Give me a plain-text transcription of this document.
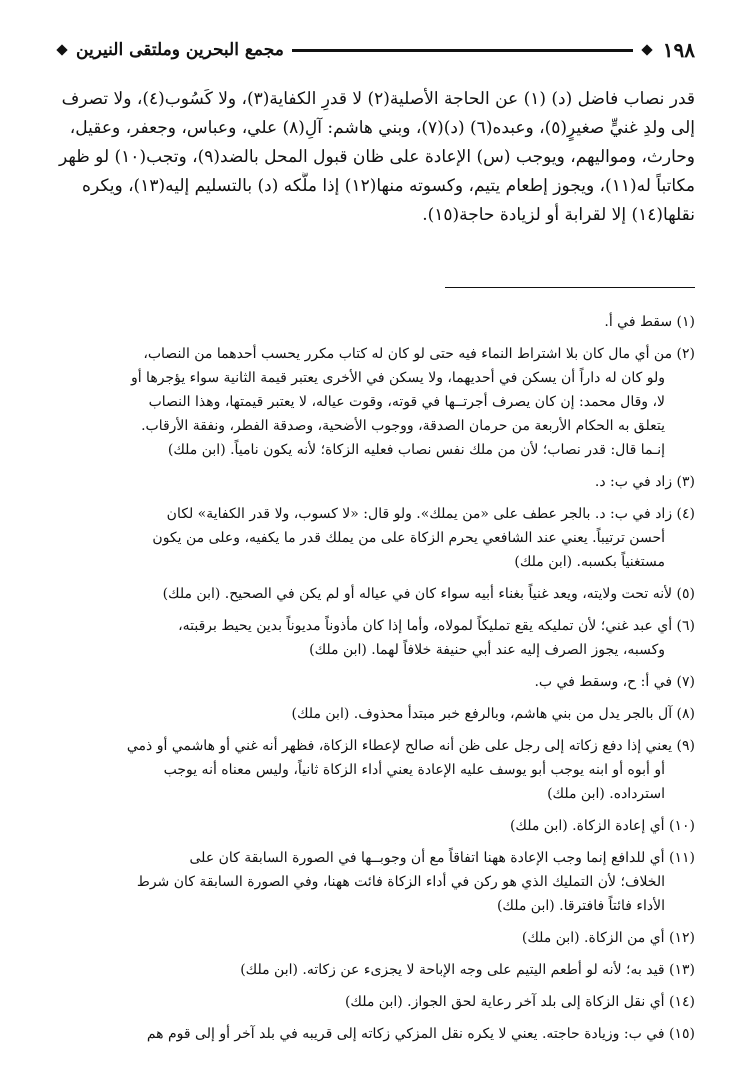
١٩٨
مجمع البحرين وملتقى النيرين
قدر نصاب فاضل (د) (١) عن الحاجة الأصلية(٢) لا قدرِ الكفاية(٣)، ولا كَسُوب(٤)، ولا تصرف
إلى ولدِ غنيٍّ صغيرٍ(٥)، وعبده(٦) (د)(٧)، وبني هاشم: آلِ(٨) علي، وعباس، وجعفر، وعقيل،
وحارث، ومواليهم، ويوجب (س) الإعادة على ظان قبول المحل بالضد(٩)، وتجب(١٠) لو ظهر
مكاتباً له(١١)، ويجوز إطعام يتيم، وكسوته منها(١٢) إذا ملَّكه (د) بالتسليم إليه(١٣)، ويكره
نقلها(١٤) إلا لقرابة أو لزيادة حاجة(١٥).
(١) سقط في أ.
(٢) من أي مال كان بلا اشتراط النماء فيه حتى لو كان له كتاب مكرر يحسب أحدهما من النصاب،
ولو كان له داراً أن يسكن في أحديهما، ولا يسكن في الأخرى يعتبر قيمة الثانية سواء يؤجرها أو
لا، وقال محمد: إن كان يصرف أجرتــها في قوته، وقوت عياله، لا يعتبر قيمتها، وهذا النصاب
يتعلق به الحكام الأربعة من حرمان الصدقة، ووجوب الأضحية، وصدقة الفطر، ونفقة الأرقاب.
إنـما قال: قدر نصاب؛ لأن من ملك نفس نصاب فعليه الزكاة؛ لأنه يكون نامياً. (ابن ملك)
(٣) زاد في ب: د.
(٤) زاد في ب: د. بالجر عطف على «من يملك». ولو قال: «لا كسوب، ولا قدر الكفاية» لكان
أحسن ترتيباً. يعني عند الشافعي يحرم الزكاة على من يملك قدر ما يكفيه، وعلى من يكون
مستغنياً بكسبه. (ابن ملك)
(٥) لأنه تحت ولايته، ويعد غنياً بغناء أبيه سواء كان في عياله أو لم يكن في الصحيح. (ابن ملك)
(٦) أي عبد غني؛ لأن تمليكه يقع تمليكاً لمولاه، وأما إذا كان مأذوناً مديوناً بدين يحيط برقبته،
وكسبه، يجوز الصرف إليه عند أبي حنيفة خلافاً لهما. (ابن ملك)
(٧) في أ: ح، وسقط في ب.
(٨) آل بالجر يدل من بني هاشم، وبالرفع خبر مبتدأ محذوف. (ابن ملك)
(٩) يعني إذا دفع زكاته إلى رجل على ظن أنه صالح لإعطاء الزكاة، فظهر أنه غني أو هاشمي أو ذمي
أو أبوه أو ابنه يوجب أبو يوسف عليه الإعادة يعني أداء الزكاة ثانياً، وليس معناه أنه يوجب
استرداده. (ابن ملك)
(١٠) أي إعادة الزكاة. (ابن ملك)
(١١) أي للدافع إنما وجب الإعادة ههنا اتفاقاً مع أن وجوبــها في الصورة السابقة كان على
الخلاف؛ لأن التمليك الذي هو ركن في أداء الزكاة فائت ههنا، وفي الصورة السابقة كان شرط
الأداء فائتاً فافترقا. (ابن ملك)
(١٢) أي من الزكاة. (ابن ملك)
(١٣) قيد به؛ لأنه لو أطعم اليتيم على وجه الإباحة لا يجزىء عن زكاته. (ابن ملك)
(١٤) أي نقل الزكاة إلى بلد آخر رعاية لحق الجواز. (ابن ملك)
(١٥) في ب: وزيادة حاجته. يعني لا يكره نقل المزكي زكاته إلى قريبه في بلد آخر أو إلى قوم هم
